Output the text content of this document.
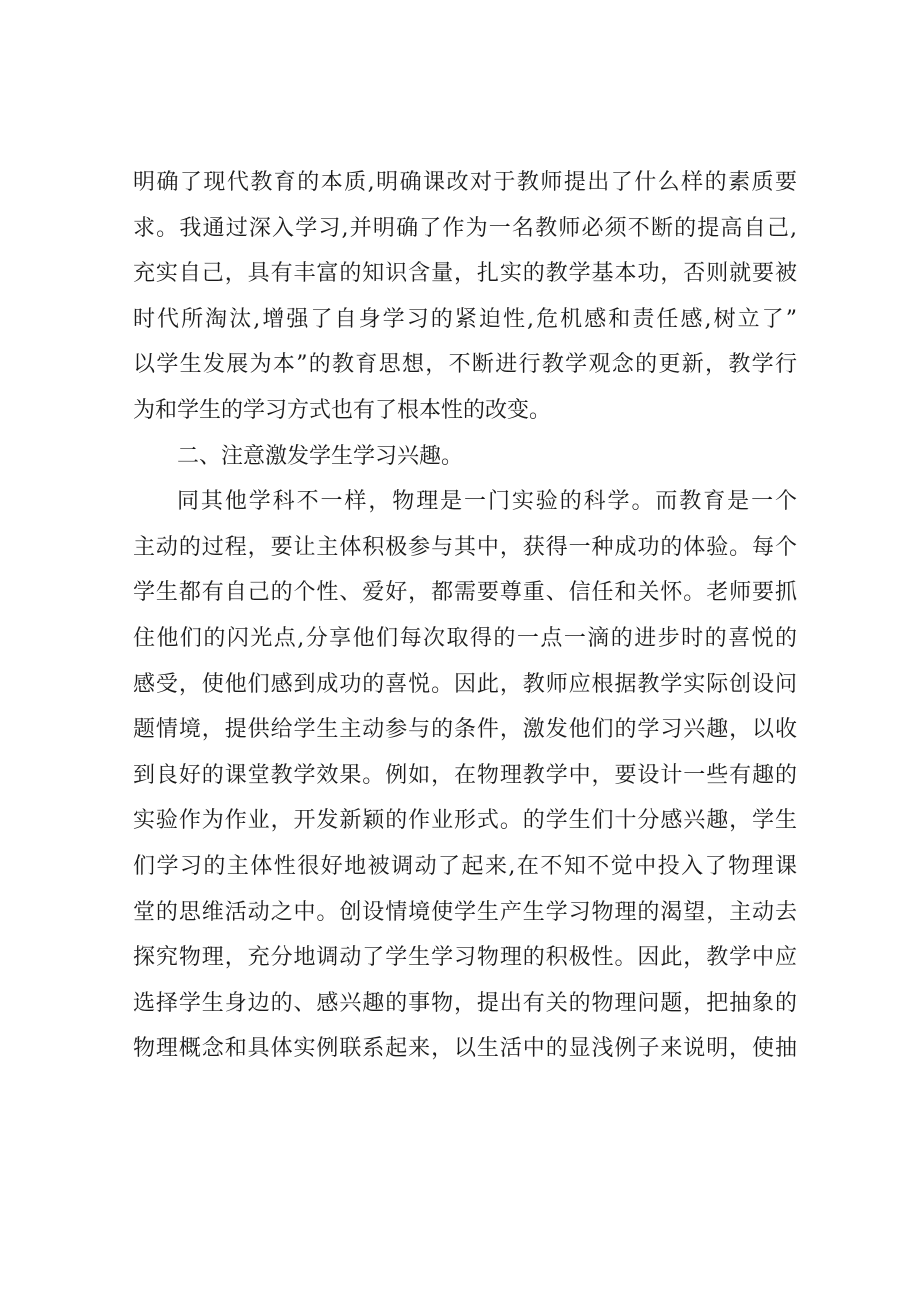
明确了现代教育的本质,明确课改对于教师提出了什么样的素质要
求。我通过深入学习,并明确了作为一名教师必须不断的提高自己,
充实自己，具有丰富的知识含量，扎实的教学基本功，否则就要被
时代所淘汰,增强了自身学习的紧迫性,危机感和责任感,树立了”
以学生发展为本”的教育思想，不断进行教学观念的更新，教学行
为和学生的学习方式也有了根本性的改变。
二、注意激发学生学习兴趣。
同其他学科不一样，物理是一门实验的科学。而教育是一个
主动的过程，要让主体积极参与其中，获得一种成功的体验。每个
学生都有自己的个性、爱好，都需要尊重、信任和关怀。老师要抓
住他们的闪光点,分享他们每次取得的一点一滴的进步时的喜悦的
感受，使他们感到成功的喜悦。因此，教师应根据教学实际创设问
题情境，提供给学生主动参与的条件，激发他们的学习兴趣，以收
到良好的课堂教学效果。例如，在物理教学中，要设计一些有趣的
实验作为作业，开发新颖的作业形式。的学生们十分感兴趣，学生
们学习的主体性很好地被调动了起来,在不知不觉中投入了物理课
堂的思维活动之中。创设情境使学生产生学习物理的渴望，主动去
探究物理，充分地调动了学生学习物理的积极性。因此，教学中应
选择学生身边的、感兴趣的事物，提出有关的物理问题，把抽象的
物理概念和具体实例联系起来，以生活中的显浅例子来说明，使抽
